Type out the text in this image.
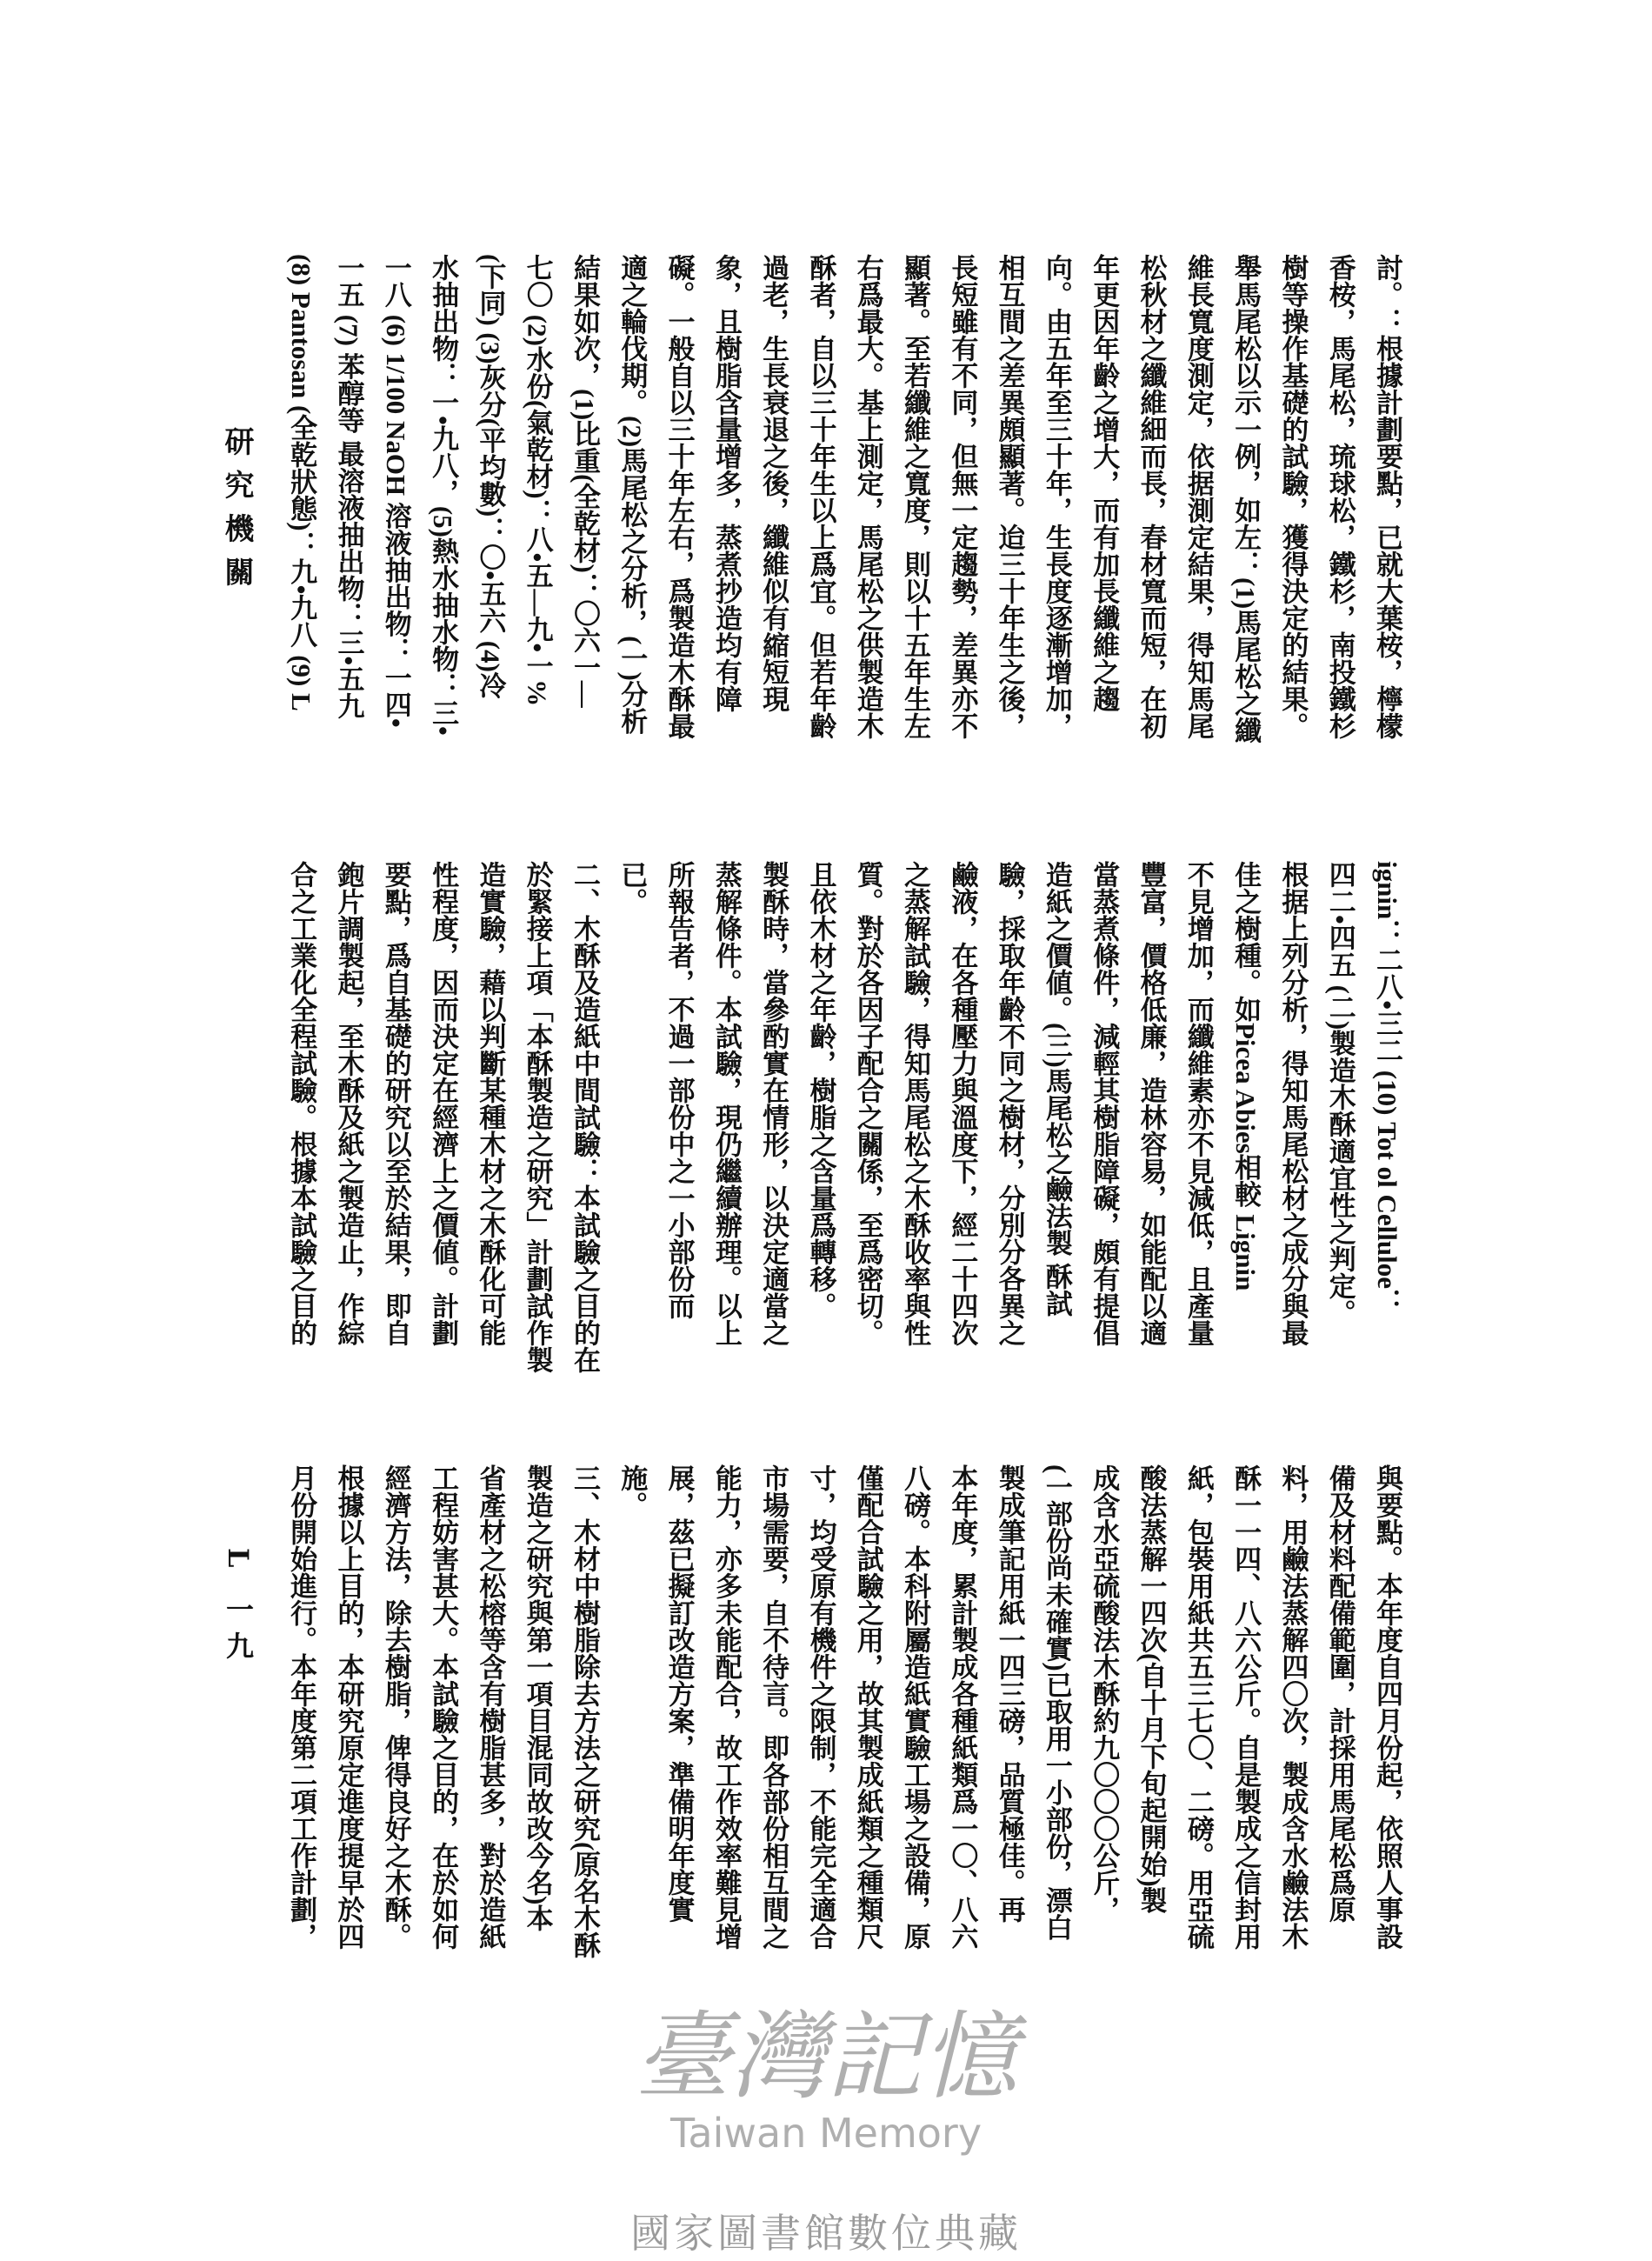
研究機關
L 一九
討。：根據計劃要點，已就大葉桉，檸檬
香桉，馬尾松，琉球松，鐵杉，南投鐵杉
樹等操作基礎的試驗，獲得決定的結果。
舉馬尾松以示一例，如左：(1)馬尾松之纖
維長寬度測定，依据測定結果，得知馬尾
松秋材之纖維細而長，春材寬而短，在初
年更因年齡之增大，而有加長纖維之趨
向。由五年至三十年，生長度逐漸增加，
相互間之差異頗顯著。迨三十年生之後，
長短雖有不同，但無一定趨勢，差異亦不
顯著。至若纖維之寬度，則以十五年生左
右爲最大。基上測定，馬尾松之供製造木
酥者，自以三十年生以上爲宜。但若年齡
過老，生長衰退之後，纖維似有縮短現
象，且樹脂含量增多，蒸煮抄造均有障
礙。一般自以三十年左右，爲製造木酥最
適之輪伐期。(2)馬尾松之分析，(一)分析
結果如次，(1)比重(全乾材)：〇六一—
七〇 (2)水份(氣乾材)：八•五—九•一%
(下同) (3)灰分(平均數)：〇•五六 (4)冷
水抽出物：一•九八，(5)熱水抽水物：三•
一八 (6) 1/100 NaOH 溶液抽出物：一四•
一五 (7) 苯醇等 最溶液抽出物：三•五九
(8) Pantosan (全乾狀態)：九•九八 (9) L
ignin：二八•三二 (10) Tot ol Celluloe：
四二•四五 (二)製造木酥適宜性之判定。
根据上列分析，得知馬尾松材之成分與最
佳之樹種。如Picea Abies相較 Lignin
不見增加，而纖維素亦不見減低，且產量
豐富，價格低廉，造林容易，如能配以適
當蒸煮條件，減輕其樹脂障礙，頗有提倡
造紙之價値。(三)馬尾松之鹼法製 酥試
驗，採取年齡不同之樹材，分別分各異之
鹼液，在各種壓力與溫度下，經二十四次
之蒸解試驗，得知馬尾松之木酥收率與性
質。對於各因子配合之關係，至爲密切。
且依木材之年齡，樹脂之含量爲轉移。
製酥時，當參酌實在情形，以決定適當之
蒸解條件。本試驗，現仍繼續辦理。以上
所報告者，不過一部份中之一小部份而
已。
二、木酥及造紙中間試驗：本試驗之目的在
於緊接上項「本酥製造之研究」計劃試作製
造實驗，藉以判斷某種木材之木酥化可能
性程度，因而決定在經濟上之價値。計劃
要點，爲自基礎的研究以至於結果，即自
鉋片調製起，至木酥及紙之製造止，作綜
合之工業化全程試驗。根據本試驗之目的
與要點。本年度自四月份起，依照人事設
備及材料配備範圍，計採用馬尾松爲原
料，用鹼法蒸解四〇次，製成含水鹼法木
酥一一四、八六公斤。自是製成之信封用
紙，包裝用紙共五三七〇、二磅。用亞硫
酸法蒸解一四次(自十月下旬起開始)製
成含水亞硫酸法木酥約九〇〇〇公斤，
(一部份尚未確實)已取用一小部份，漂白
製成筆記用紙一四三磅，品質極佳。再
本年度，累計製成各種紙類爲一〇、八六
八磅。本科附屬造紙實驗工場之設備，原
僅配合試驗之用，故其製成紙類之種類尺
寸，均受原有機件之限制，不能完全適合
市場需要，自不待言。即各部份相互間之
能力，亦多未能配合，故工作效率難見增
展，茲已擬訂改造方案，準備明年度實
施。
三、木材中樹脂除去方法之研究(原名木酥
製造之研究與第一項目混同故改今名)本
省產材之松榕等含有樹脂甚多，對於造紙
工程妨害甚大。本試驗之目的，在於如何
經濟方法，除去樹脂，俾得良好之木酥。
根據以上目的，本研究原定進度提早於四
月份開始進行。本年度第二項工作計劃，
臺灣記憶
Taiwan Memory
國家圖書館數位典藏
